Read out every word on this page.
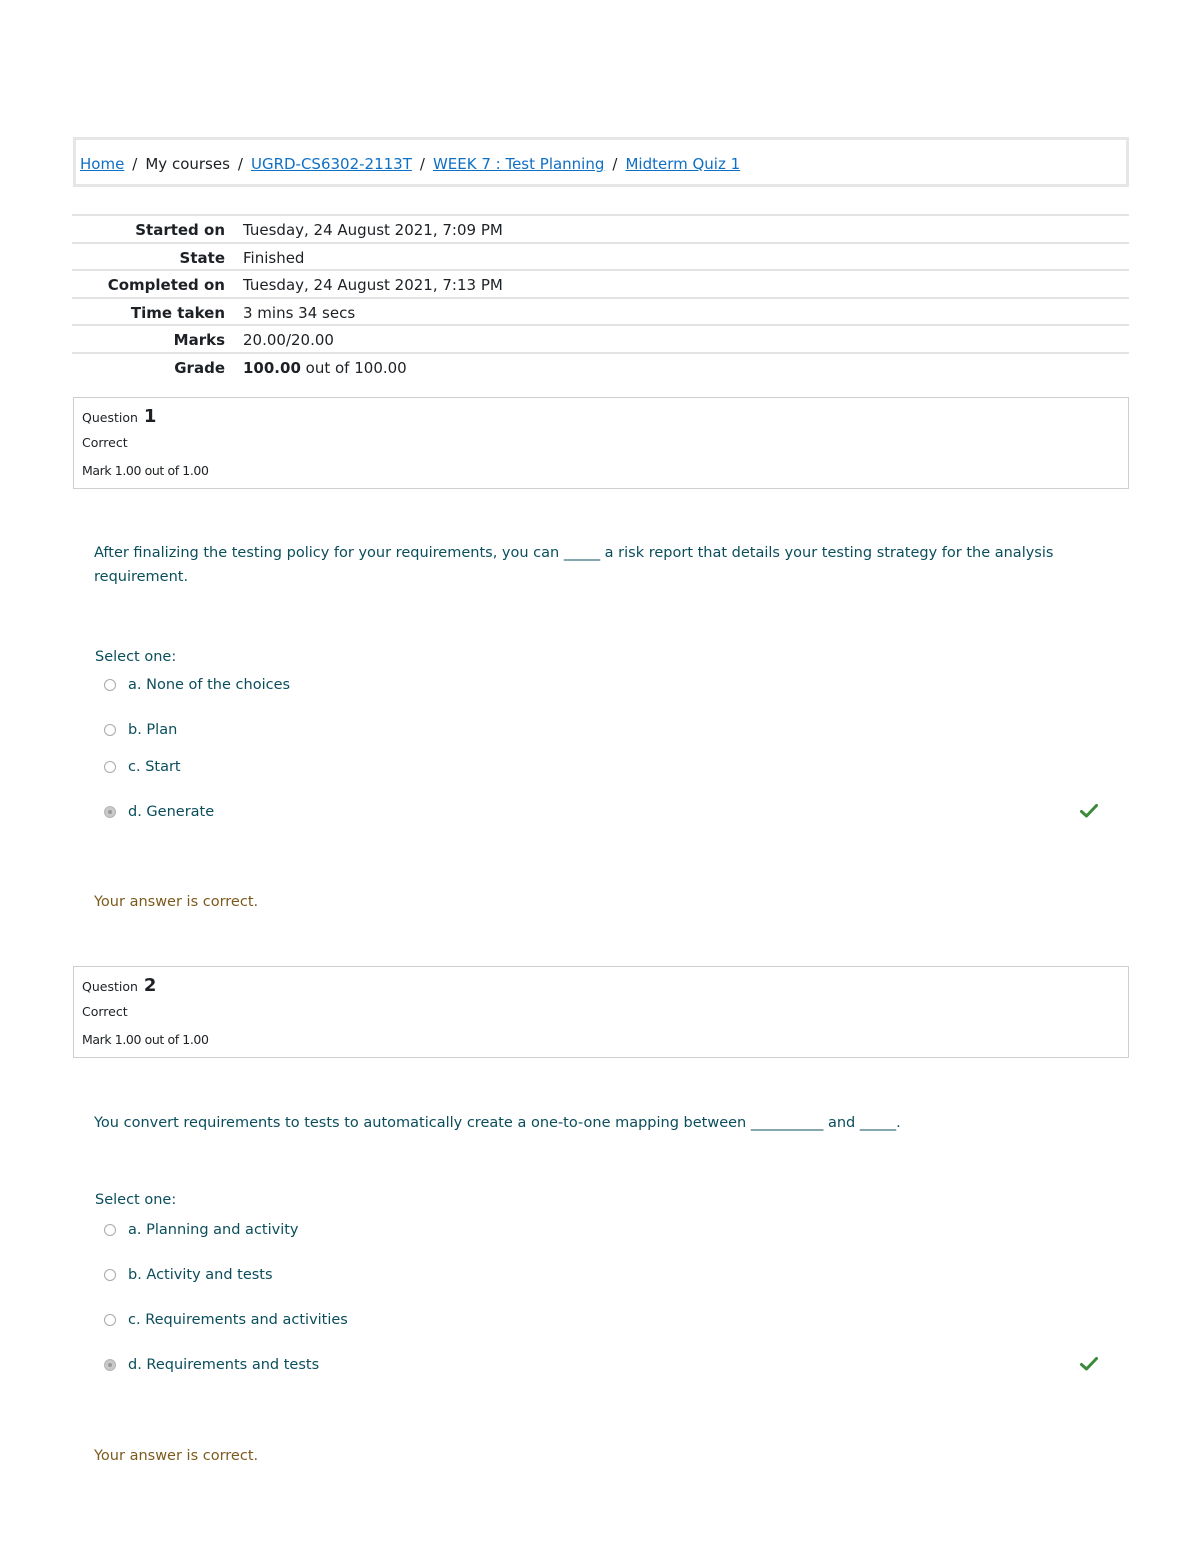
Home / My courses / UGRD-CS6302-2113T / WEEK 7 : Test Planning / Midterm Quiz 1
Started on Tuesday, 24 August 2021, 7:09 PM
State Finished
Completed on Tuesday, 24 August 2021, 7:13 PM
Time taken 3 mins 34 secs
Marks 20.00/20.00
Grade 100.00 out of 100.00
Question 1
Correct
Mark 1.00 out of 1.00
After finalizing the testing policy for your requirements, you can _____ a risk report that details your testing strategy for the analysis requirement.
Select one:
a. None of the choices
b. Plan
c. Start
d. Generate
Your answer is correct.
Question 2
Correct
Mark 1.00 out of 1.00
You convert requirements to tests to automatically create a one-to-one mapping between __________ and _____.
Select one:
a. Planning and activity
b. Activity and tests
c. Requirements and activities
d. Requirements and tests
Your answer is correct.
